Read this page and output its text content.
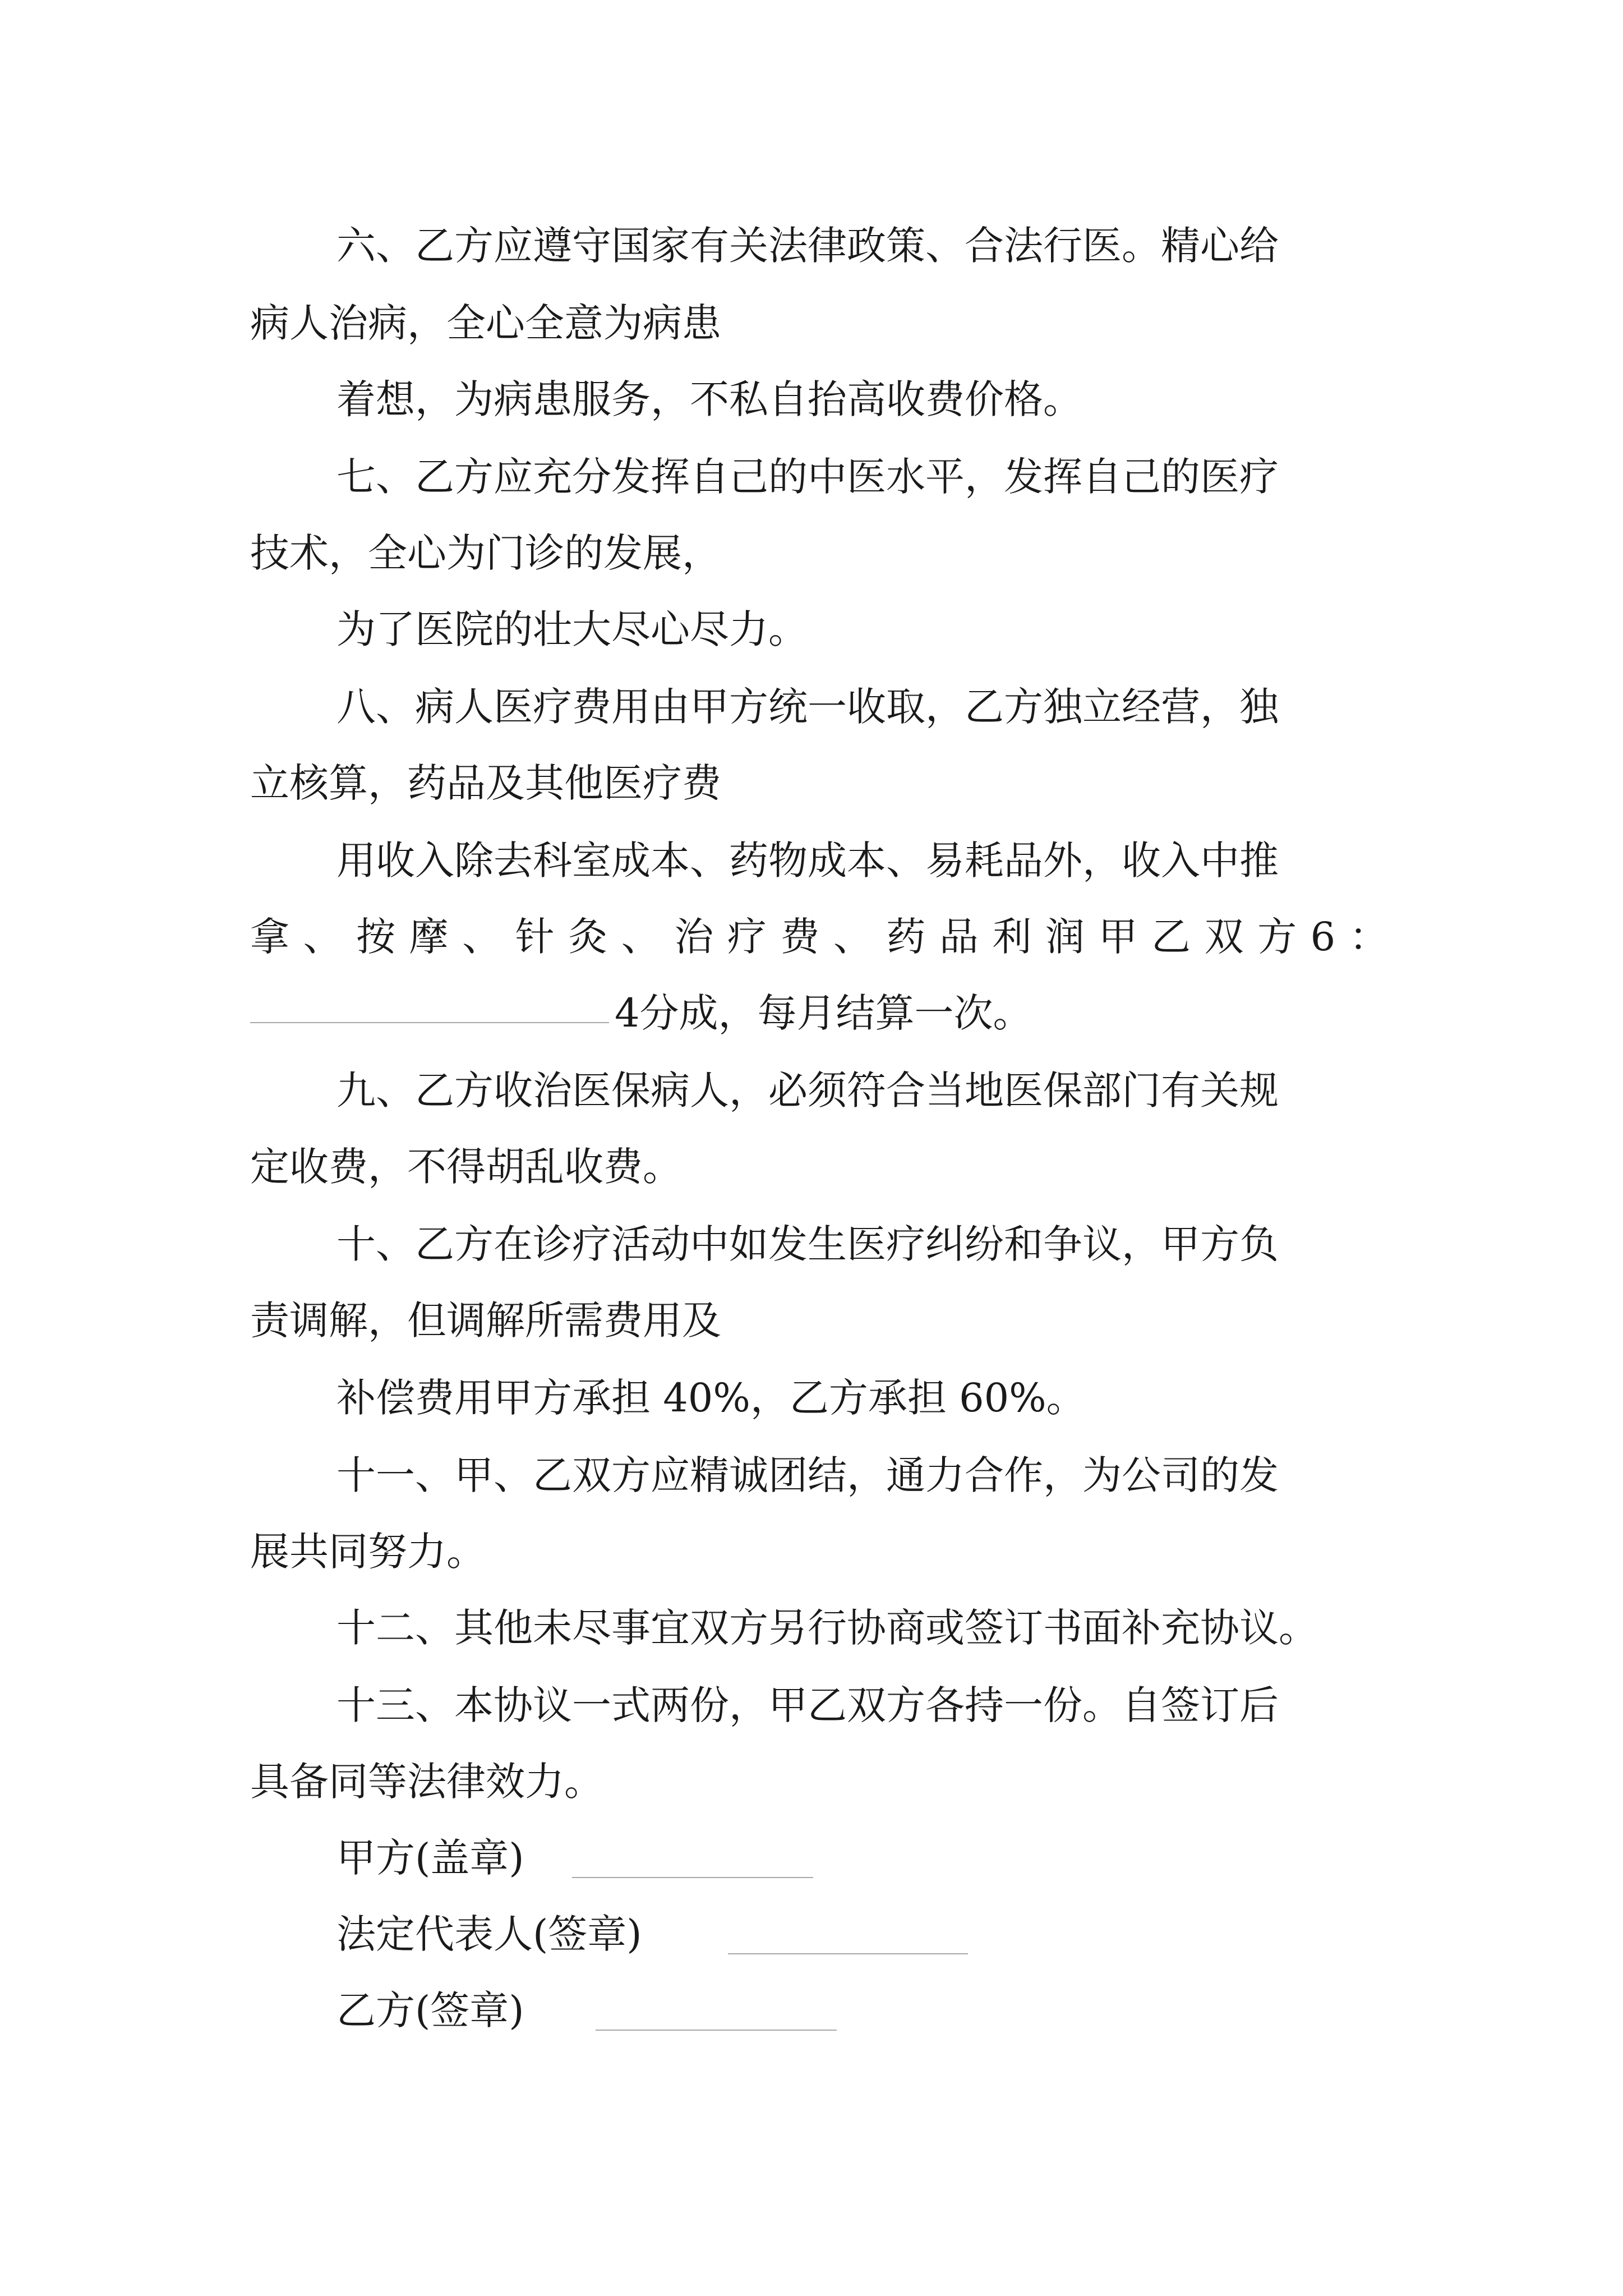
六、乙方应遵守国家有关法律政策、合法行医。精心给
病人治病，全心全意为病患
着想，为病患服务，不私自抬高收费价格。
七、乙方应充分发挥自己的中医水平，发挥自己的医疗
技术，全心为门诊的发展，
为了医院的壮大尽心尽力。
八、病人医疗费用由甲方统一收取，乙方独立经营，独
立核算，药品及其他医疗费
用收入除去科室成本、药物成本、易耗品外，收入中推
拿 、 按 摩 、 针 灸 、 治 疗 费 、 药 品 利 润 甲 乙 双 方 6 ：
4分成，每月结算一次。
九、乙方收治医保病人，必须符合当地医保部门有关规
定收费，不得胡乱收费。
十、乙方在诊疗活动中如发生医疗纠纷和争议，甲方负
责调解，但调解所需费用及
补偿费用甲方承担 40%，乙方承担 60%。
十一、甲、乙双方应精诚团结，通力合作，为公司的发
展共同努力。
十二、其他未尽事宜双方另行协商或签订书面补充协议。
十三、本协议一式两份，甲乙双方各持一份。自签订后
具备同等法律效力。
甲方(盖章)
法定代表人(签章)
乙方(签章)
